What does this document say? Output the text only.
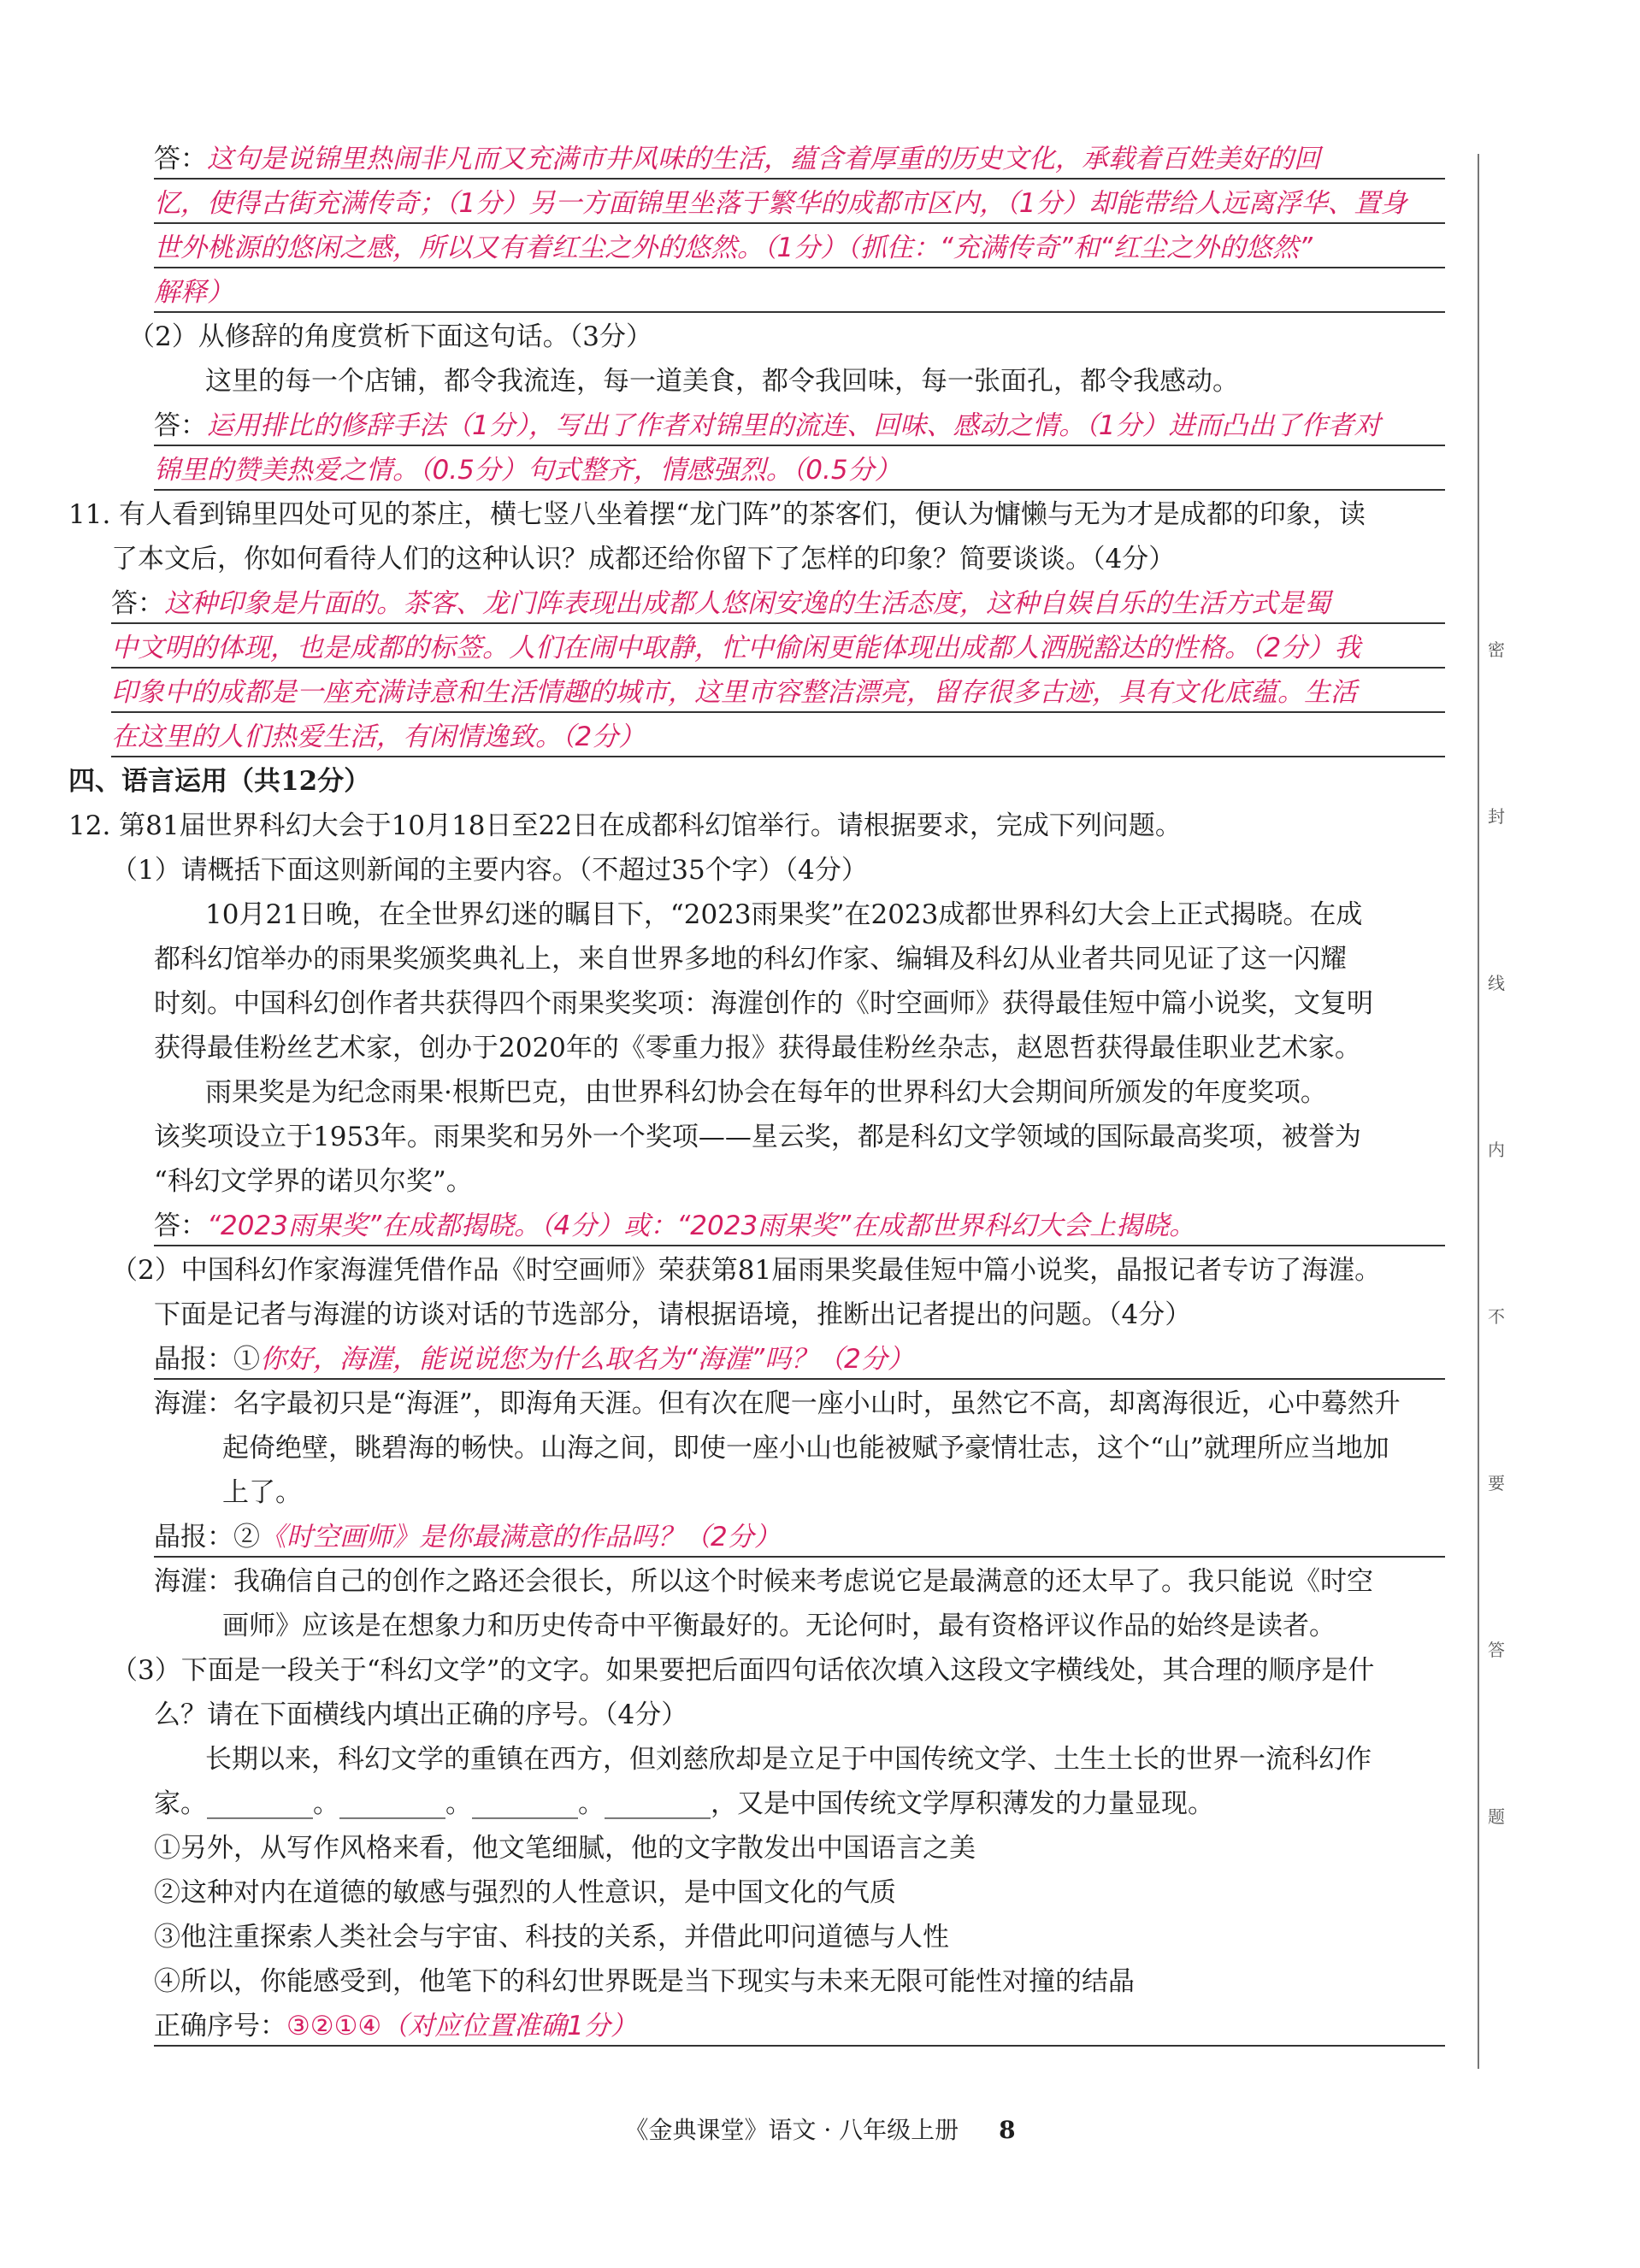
答：这句是说锦里热闹非凡而又充满市井风味的生活，蕴含着厚重的历史文化，承载着百姓美好的回
忆，使得古街充满传奇；（1分）另一方面锦里坐落于繁华的成都市区内，（1分）却能带给人远离浮华、置身
世外桃源的悠闲之感，所以又有着红尘之外的悠然。（1分）（抓住：“充满传奇”和“红尘之外的悠然”
解释）
（2）从修辞的角度赏析下面这句话。（3分）
这里的每一个店铺，都令我流连，每一道美食，都令我回味，每一张面孔，都令我感动。
答：运用排比的修辞手法（1分），写出了作者对锦里的流连、回味、感动之情。（1分）进而凸出了作者对
锦里的赞美热爱之情。（0.5分）句式整齐，情感强烈。（0.5分）
11. 有人看到锦里四处可见的茶庄，横七竖八坐着摆“龙门阵”的茶客们，便认为慵懒与无为才是成都的印象，读
了本文后，你如何看待人们的这种认识？成都还给你留下了怎样的印象？简要谈谈。（4分）
答：这种印象是片面的。茶客、龙门阵表现出成都人悠闲安逸的生活态度，这种自娱自乐的生活方式是蜀
中文明的体现，也是成都的标签。人们在闹中取静，忙中偷闲更能体现出成都人洒脱豁达的性格。（2分）我
印象中的成都是一座充满诗意和生活情趣的城市，这里市容整洁漂亮，留存很多古迹，具有文化底蕴。生活
在这里的人们热爱生活，有闲情逸致。（2分）
四、语言运用（共12分）
12. 第81届世界科幻大会于10月18日至22日在成都科幻馆举行。请根据要求，完成下列问题。
（1）请概括下面这则新闻的主要内容。（不超过35个字）（4分）
10月21日晚，在全世界幻迷的瞩目下，“2023雨果奖”在2023成都世界科幻大会上正式揭晓。在成
都科幻馆举办的雨果奖颁奖典礼上，来自世界多地的科幻作家、编辑及科幻从业者共同见证了这一闪耀
时刻。中国科幻创作者共获得四个雨果奖奖项：海漄创作的《时空画师》获得最佳短中篇小说奖，文复明
获得最佳粉丝艺术家，创办于2020年的《零重力报》获得最佳粉丝杂志，赵恩哲获得最佳职业艺术家。
雨果奖是为纪念雨果·根斯巴克，由世界科幻协会在每年的世界科幻大会期间所颁发的年度奖项。
该奖项设立于1953年。雨果奖和另外一个奖项——星云奖，都是科幻文学领域的国际最高奖项，被誉为
“科幻文学界的诺贝尔奖”。
答：“2023雨果奖”在成都揭晓。（4分）或：“2023雨果奖”在成都世界科幻大会上揭晓。
（2）中国科幻作家海漄凭借作品《时空画师》荣获第81届雨果奖最佳短中篇小说奖，晶报记者专访了海漄。
下面是记者与海漄的访谈对话的节选部分，请根据语境，推断出记者提出的问题。（4分）
晶报：①你好，海漄，能说说您为什么取名为“海漄”吗？（2分）
海漄：名字最初只是“海涯”，即海角天涯。但有次在爬一座小山时，虽然它不高，却离海很近，心中蓦然升
起倚绝壁，眺碧海的畅快。山海之间，即使一座小山也能被赋予豪情壮志，这个“山”就理所应当地加
上了。
晶报：②《时空画师》是你最满意的作品吗？（2分）
海漄：我确信自己的创作之路还会很长，所以这个时候来考虑说它是最满意的还太早了。我只能说《时空
画师》应该是在想象力和历史传奇中平衡最好的。无论何时，最有资格评议作品的始终是读者。
（3）下面是一段关于“科幻文学”的文字。如果要把后面四句话依次填入这段文字横线处，其合理的顺序是什
么？请在下面横线内填出正确的序号。（4分）
长期以来，科幻文学的重镇在西方，但刘慈欣却是立足于中国传统文学、土生土长的世界一流科幻作
家。________。________。________。________，又是中国传统文学厚积薄发的力量显现。
①另外，从写作风格来看，他文笔细腻，他的文字散发出中国语言之美
②这种对内在道德的敏感与强烈的人性意识，是中国文化的气质
③他注重探索人类社会与宇宙、科技的关系，并借此叩问道德与人性
④所以，你能感受到，他笔下的科幻世界既是当下现实与未来无限可能性对撞的结晶
正确序号：③②①④（对应位置准确1分）
密
封
线
内
不
要
答
题
《金典课堂》语文 · 八年级上册 8
